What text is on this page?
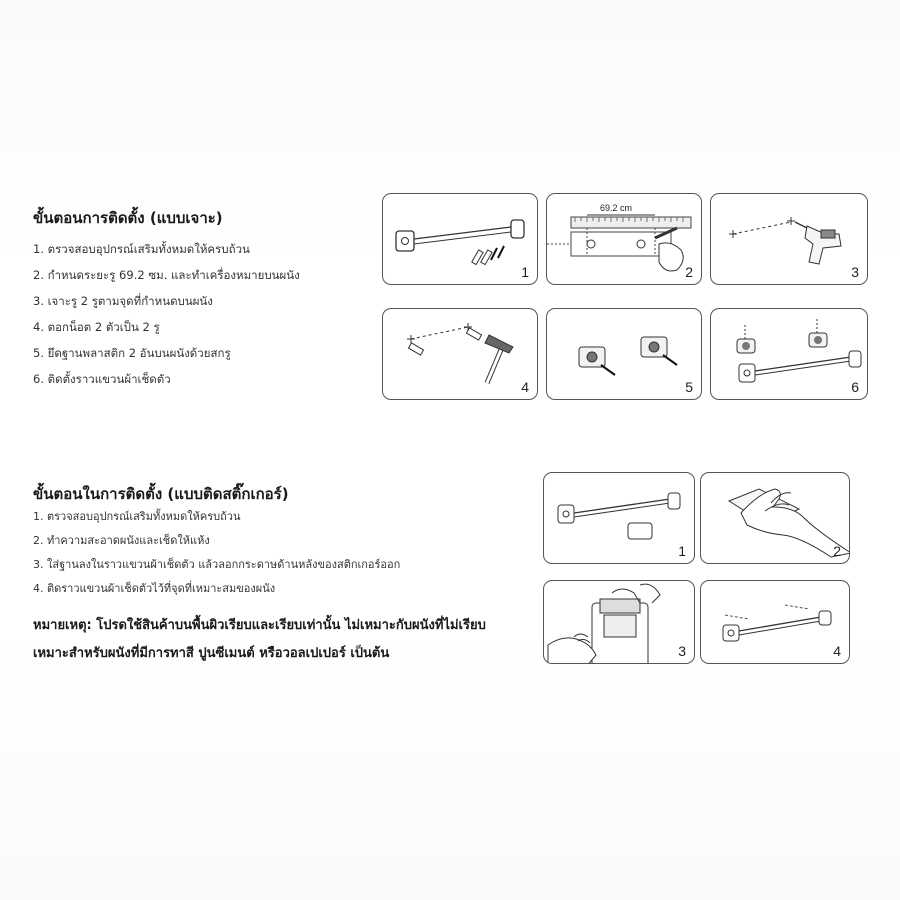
ขั้นตอนการติดตั้ง (แบบเจาะ)
1. ตรวจสอบอุปกรณ์เสริมทั้งหมดให้ครบถ้วน
2. กำหนดระยะรู 69.2 ซม. และทำเครื่องหมายบนผนัง
3. เจาะรู 2 รูตามจุดที่กำหนดบนผนัง
4. ตอกน็อต 2 ตัวเป็น 2 รู
5. ยึดฐานพลาสติก 2 อันบนผนังด้วยสกรู
6. ติดตั้งราวแขวนผ้าเช็ดตัว
1
69.2 cm
2	3
4	5	6
ขั้นตอนในการติดตั้ง (แบบติดสติ๊กเกอร์)
1. ตรวจสอบอุปกรณ์เสริมทั้งหมดให้ครบถ้วน
2. ทำความสะอาดผนังและเช็ดให้แห้ง
3. ใส่ฐานลงในราวแขวนผ้าเช็ดตัว แล้วลอกกระดาษด้านหลังของสติกเกอร์ออก
4. ติดราวแขวนผ้าเช็ดตัวไว้ที่จุดที่เหมาะสมของผนัง
หมายเหตุ: โปรดใช้สินค้าบนพื้นผิวเรียบและเรียบเท่านั้น ไม่เหมาะกับผนังที่ไม่เรียบ
เหมาะสำหรับผนังที่มีการทาสี ปูนซีเมนต์ หรือวอลเปเปอร์ เป็นต้น
1	2
3	4
